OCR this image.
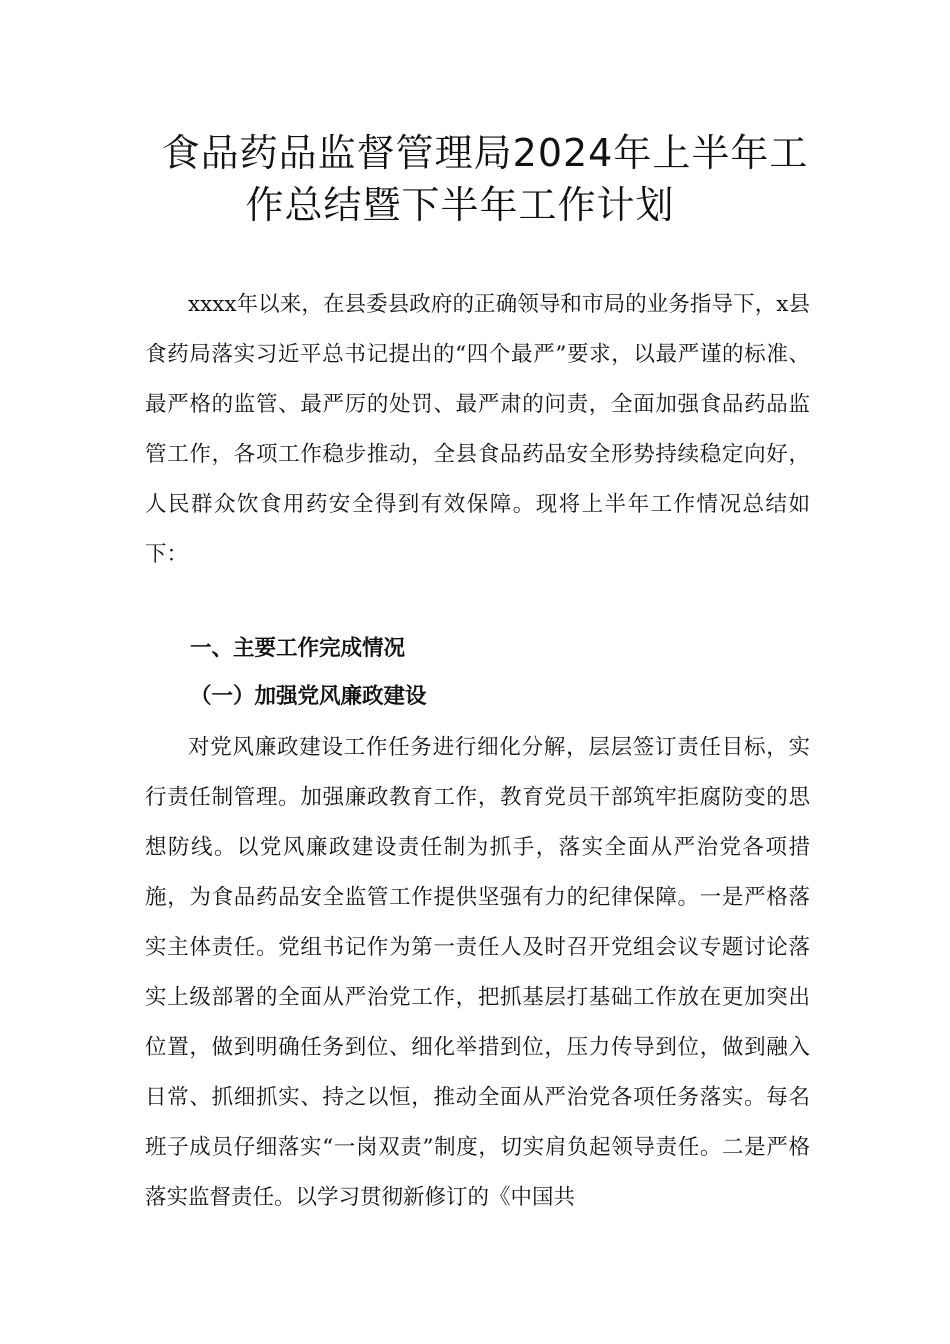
食品药品监督管理局2024年上半年工
作总结暨下半年工作计划

xxxx年以来，在县委县政府的正确领导和市局的业务指导下，x县食药局落实习近平总书记提出的“四个最严”要求，以最严谨的标准、最严格的监管、最严厉的处罚、最严肃的问责，全面加强食品药品监管工作，各项工作稳步推动，全县食品药品安全形势持续稳定向好，人民群众饮食用药安全得到有效保障。现将上半年工作情况总结如下：

一、主要工作完成情况
（一）加强党风廉政建设

对党风廉政建设工作任务进行细化分解，层层签订责任目标，实行责任制管理。加强廉政教育工作，教育党员干部筑牢拒腐防变的思想防线。以党风廉政建设责任制为抓手，落实全面从严治党各项措施，为食品药品安全监管工作提供坚强有力的纪律保障。一是严格落实主体责任。党组书记作为第一责任人及时召开党组会议专题讨论落实上级部署的全面从严治党工作，把抓基层打基础工作放在更加突出位置，做到明确任务到位、细化举措到位，压力传导到位，做到融入日常、抓细抓实、持之以恒，推动全面从严治党各项任务落实。每名班子成员仔细落实“一岗双责”制度，切实肩负起领导责任。二是严格落实监督责任。以学习贯彻新修订的《中国共
